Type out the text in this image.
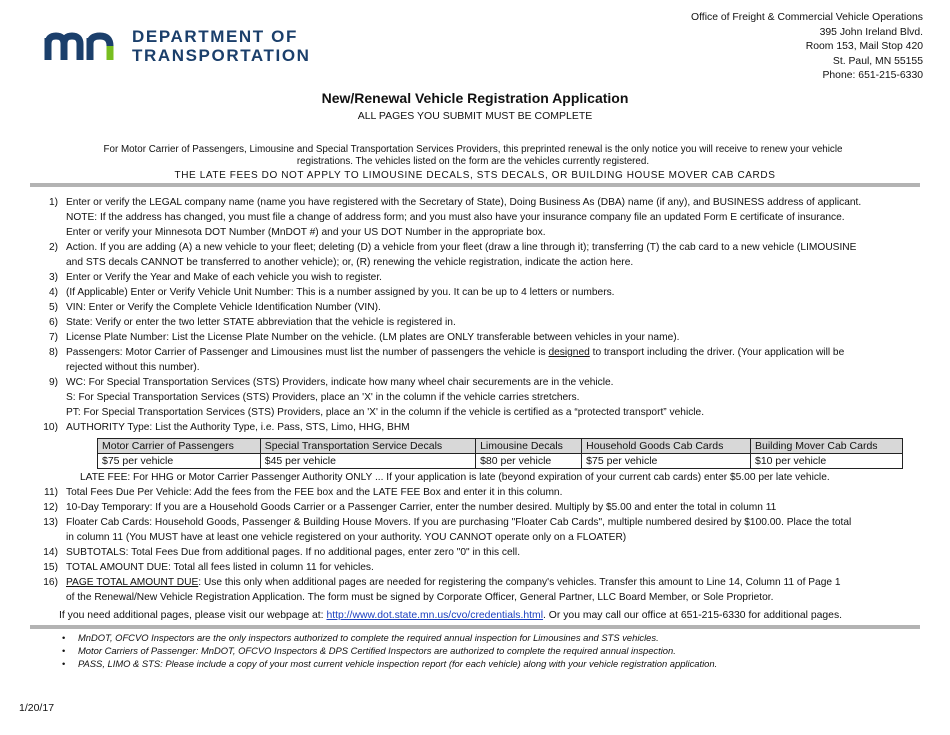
DEPARTMENT OF
TRANSPORTATION
Office of Freight & Commercial Vehicle Operations
395 John Ireland Blvd.
Room 153, Mail Stop 420
St. Paul, MN 55155
Phone: 651-215-6330
New/Renewal Vehicle Registration Application
ALL PAGES YOU SUBMIT MUST BE COMPLETE
For Motor Carrier of Passengers, Limousine and Special Transportation Services Providers, this preprinted renewal is the only notice you will receive to renew your vehicle
registrations. The vehicles listed on the form are the vehicles currently registered.
THE LATE FEES DO NOT APPLY TO LIMOUSINE DECALS, STS DECALS, OR BUILDING HOUSE MOVER CAB CARDS
1) Enter or verify the LEGAL company name (name you have registered with the Secretary of State), Doing Business As (DBA) name (if any), and BUSINESS address of applicant.
NOTE: If the address has changed, you must file a change of address form; and you must also have your insurance company file an updated Form E certificate of insurance.
Enter or verify your Minnesota DOT Number (MnDOT #) and your US DOT Number in the appropriate box.
2) Action. If you are adding (A) a new vehicle to your fleet; deleting (D) a vehicle from your fleet (draw a line through it); transferring (T) the cab card to a new vehicle (LIMOUSINE
and STS decals CANNOT be transferred to another vehicle); or, (R) renewing the vehicle registration, indicate the action here.
3) Enter or Verify the Year and Make of each vehicle you wish to register.
4) (If Applicable) Enter or Verify Vehicle Unit Number: This is a number assigned by you. It can be up to 4 letters or numbers.
5) VIN: Enter or Verify the Complete Vehicle Identification Number (VIN).
6) State: Verify or enter the two letter STATE abbreviation that the vehicle is registered in.
7) License Plate Number: List the License Plate Number on the vehicle. (LM plates are ONLY transferable between vehicles in your name).
8) Passengers: Motor Carrier of Passenger and Limousines must list the number of passengers the vehicle is designed to transport including the driver. (Your application will be
rejected without this number).
9) WC: For Special Transportation Services (STS) Providers, indicate how many wheel chair securements are in the vehicle.
S: For Special Transportation Services (STS) Providers, place an 'X' in the column if the vehicle carries stretchers.
PT: For Special Transportation Services (STS) Providers, place an 'X' in the column if the vehicle is certified as a “protected transport” vehicle.
10) AUTHORITY Type: List the Authority Type, i.e. Pass, STS, Limo, HHG, BHM
Motor Carrier of Passengers	Special Transportation Service Decals	Limousine Decals	Household Goods Cab Cards	Building Mover Cab Cards
$75 per vehicle	$45 per vehicle	$80 per vehicle	$75 per vehicle	$10 per vehicle
LATE FEE: For HHG or Motor Carrier Passenger Authority ONLY ... If your application is late (beyond expiration of your current cab cards) enter $5.00 per late vehicle.
11) Total Fees Due Per Vehicle: Add the fees from the FEE box and the LATE FEE Box and enter it in this column.
12) 10-Day Temporary: If you are a Household Goods Carrier or a Passenger Carrier, enter the number desired. Multiply by $5.00 and enter the total in column 11
13) Floater Cab Cards: Household Goods, Passenger & Building House Movers. If you are purchasing "Floater Cab Cards", multiple numbered desired by $100.00. Place the total
in column 11 (You MUST have at least one vehicle registered on your authority. YOU CANNOT operate only on a FLOATER)
14) SUBTOTALS: Total Fees Due from additional pages. If no additional pages, enter zero "0" in this cell.
15) TOTAL AMOUNT DUE: Total all fees listed in column 11 for vehicles.
16) PAGE TOTAL AMOUNT DUE: Use this only when additional pages are needed for registering the company's vehicles. Transfer this amount to Line 14, Column 11 of Page 1
of the Renewal/New Vehicle Registration Application. The form must be signed by Corporate Officer, General Partner, LLC Board Member, or Sole Proprietor.
If you need additional pages, please visit our webpage at: http://www.dot.state.mn.us/cvo/credentials.html. Or you may call our office at 651-215-6330 for additional pages.
•	MnDOT, OFCVO Inspectors are the only inspectors authorized to complete the required annual inspection for Limousines and STS vehicles.
•	Motor Carriers of Passenger: MnDOT, OFCVO Inspectors & DPS Certified Inspectors are authorized to complete the required annual inspection.
•	PASS, LIMO & STS: Please include a copy of your most current vehicle inspection report (for each vehicle) along with your vehicle registration application.
1/20/17
